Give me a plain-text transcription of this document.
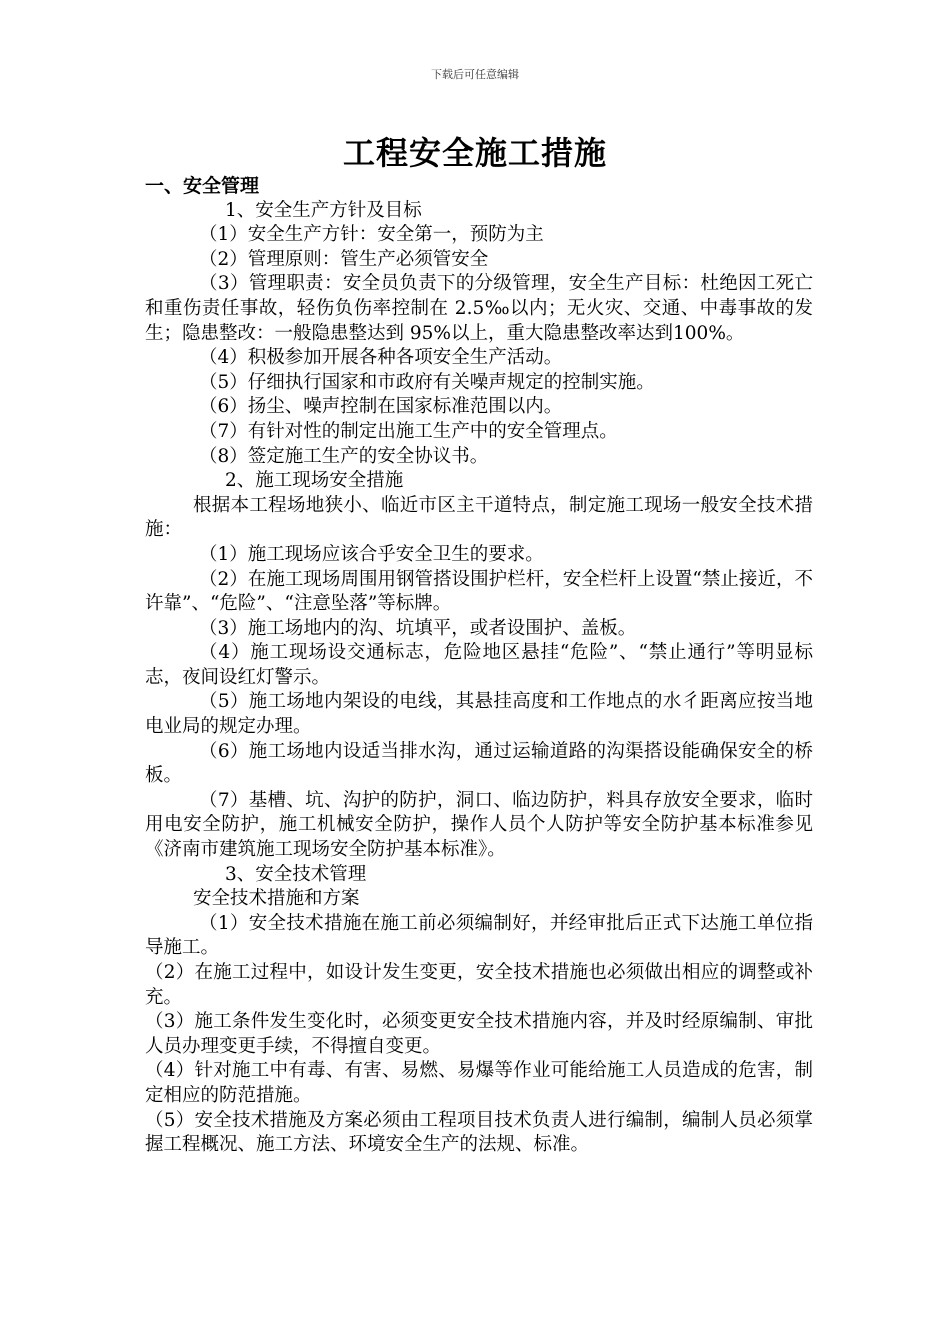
下载后可任意编辑
工程安全施工措施

一、安全管理

1、安全生产方针及目标

（1）安全生产方针：安全第一，预防为主

（2）管理原则：管生产必须管安全

（3）管理职责：安全员负责下的分级管理，安全生产目标：杜绝因工死亡和重伤责任事故，轻伤负伤率控制在 2.5‰以内；无火灾、交通、中毒事故的发生；隐患整改：一般隐患整达到 95%以上，重大隐患整改率达到100%。

（4）积极参加开展各种各项安全生产活动。

（5）仔细执行国家和市政府有关噪声规定的控制实施。

（6）扬尘、噪声控制在国家标准范围以内。

（7）有针对性的制定出施工生产中的安全管理点。

（8）签定施工生产的安全协议书。

2、施工现场安全措施

根据本工程场地狭小、临近市区主干道特点，制定施工现场一般安全技术措施：

（1）施工现场应该合乎安全卫生的要求。

（2）在施工现场周围用钢管搭设围护栏杆，安全栏杆上设置“禁止接近，不许靠”、“危险”、“注意坠落”等标牌。

（3）施工场地内的沟、坑填平，或者设围护、盖板。

（4）施工现场设交通标志，危险地区悬挂“危险”、“禁止通行”等明显标志，夜间设红灯警示。

（5）施工场地内架设的电线，其悬挂高度和工作地点的水彳距离应按当地电业局的规定办理。

（6）施工场地内设适当排水沟，通过运输道路的沟渠搭设能确保安全的桥板。

（7）基槽、坑、沟护的防护，洞口、临边防护，料具存放安全要求，临时用电安全防护，施工机械安全防护，操作人员个人防护等安全防护基本标准参见《济南市建筑施工现场安全防护基本标准》。

3、安全技术管理

安全技术措施和方案

（1）安全技术措施在施工前必须编制好，并经审批后正式下达施工单位指导施工。

（2）在施工过程中，如设计发生变更，安全技术措施也必须做出相应的调整或补充。

（3）施工条件发生变化时，必须变更安全技术措施内容，并及时经原编制、审批人员办理变更手续，不得擅自变更。

（4）针对施工中有毒、有害、易燃、易爆等作业可能给施工人员造成的危害，制定相应的防范措施。

（5）安全技术措施及方案必须由工程项目技术负责人进行编制，编制人员必须掌握工程概况、施工方法、环境安全生产的法规、标准。
